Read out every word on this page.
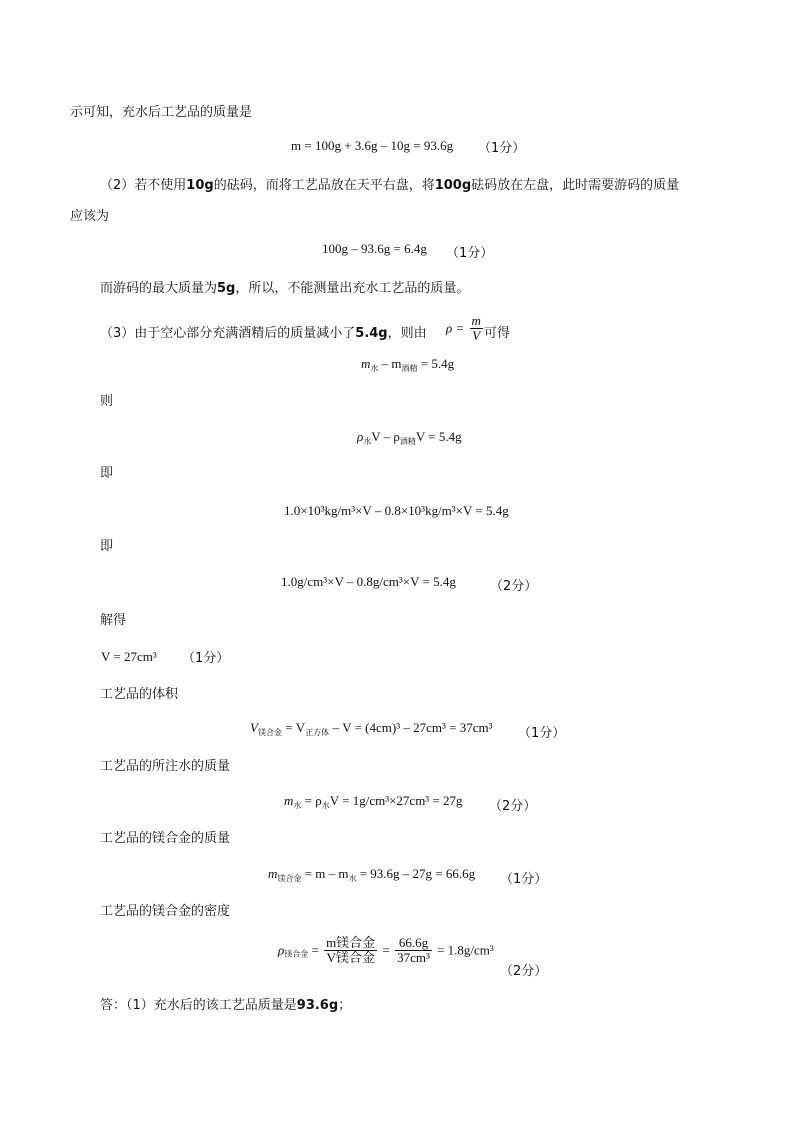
示可知，充水后工艺品的质量是
m = 100g + 3.6g – 10g = 93.6g （1分）
（2）若不使用10g的砝码，而将工艺品放在天平右盘，将100g砝码放在左盘，此时需要游码的质量
应该为
100g – 93.6g = 6.4g （1分）
而游码的最大质量为5g，所以，不能测量出充水工艺品的质量。
（3）由于空心部分充满酒精后的质量减小了5.4g，则由 $\rho = \frac{m}{V}$ 可得
$m_水 - m_{酒精} = 5.4g$
则
$\rho_水V - \rho_{酒精}V = 5.4g$
即
1.0×10³kg/m³×V – 0.8×10³kg/m³×V = 5.4g
即
1.0g/cm³×V – 0.8g/cm³×V = 5.4g	（2分）
解得
V = 27cm³ （1分）
工艺品的体积
$V_{镁合金} = V_{正方体} - V = (4cm)^3 - 27cm^3 = 37cm^3$ （1分）
工艺品的所注水的质量
$m_水 = \rho_水V = 1g/cm^3\times 27cm^3 = 27g$ （2分）
工艺品的镁合金的质量
$m_{镁合金} = m - m_水 = 93.6g - 27g = 66.6g$ （1分）
工艺品的镁合金的密度
$\rho_{镁合金} = \frac{\text{m镁合金}}{\text{V镁合金}} = \frac{66.6g}{\text{37cm³}} = 1.8g/cm^3$
（2分）
答：（1）充水后的该工艺品质量是93.6g；
